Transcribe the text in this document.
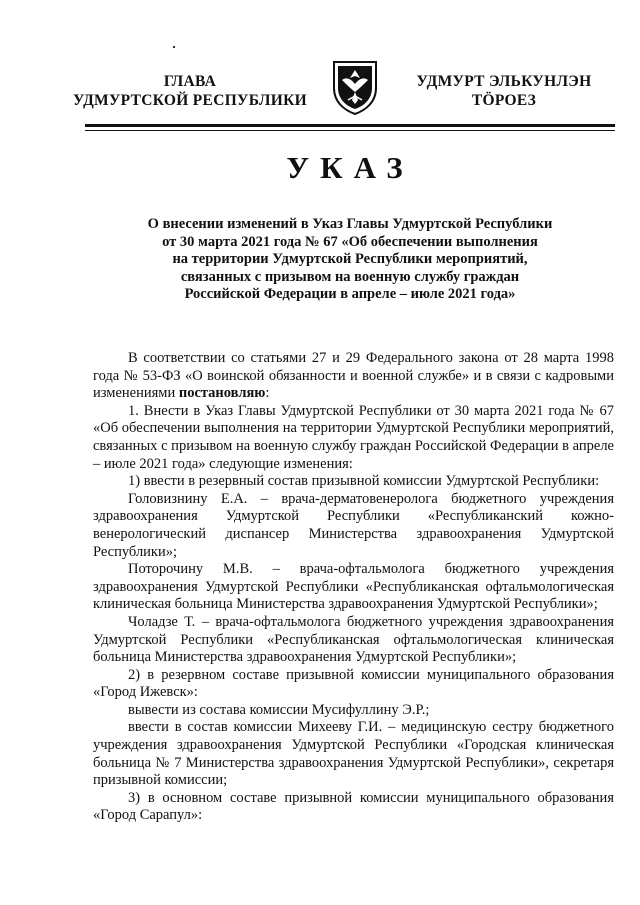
ГЛАВА
УДМУРТСКОЙ РЕСПУБЛИКИ
УДМУРТ ЭЛЬКУНЛЭН
ТӦРОЕЗ
УКАЗ
О внесении изменений в Указ Главы Удмуртской Республики
от 30 марта 2021 года № 67 «Об обеспечении выполнения
на территории Удмуртской Республики мероприятий,
связанных с призывом на военную службу граждан
Российской Федерации в апреле – июле 2021 года»

В соответствии со статьями 27 и 29 Федерального закона от 28 марта 1998 года № 53-ФЗ «О воинской обязанности и военной службе» и в связи с кадровыми изменениями постановляю:

1. Внести в Указ Главы Удмуртской Республики от 30 марта 2021 года № 67 «Об обеспечении выполнения на территории Удмуртской Республики мероприятий, связанных с призывом на военную службу граждан Российской Федерации в апреле – июле 2021 года» следующие изменения:

1) ввести в резервный состав призывной комиссии Удмуртской Республики:

Головизнину Е.А. – врача-дерматовенеролога бюджетного учреждения здравоохранения Удмуртской Республики «Республиканский кожно-венерологический диспансер Министерства здравоохранения Удмуртской Республики»;

Поторочину М.В. – врача-офтальмолога бюджетного учреждения здравоохранения Удмуртской Республики «Республиканская офтальмологическая клиническая больница Министерства здравоохранения Удмуртской Республики»;

Чоладзе Т. – врача-офтальмолога бюджетного учреждения здравоохранения Удмуртской Республики «Республиканская офтальмологическая клиническая больница Министерства здравоохранения Удмуртской Республики»;

2) в резервном составе призывной комиссии муниципального образования «Город Ижевск»:

вывести из состава комиссии Мусифуллину Э.Р.;

ввести в состав комиссии Михееву Г.И. – медицинскую сестру бюджетного учреждения здравоохранения Удмуртской Республики «Городская клиническая больница № 7 Министерства здравоохранения Удмуртской Республики», секретаря призывной комиссии;

3) в основном составе призывной комиссии муниципального образования «Город Сарапул»:
